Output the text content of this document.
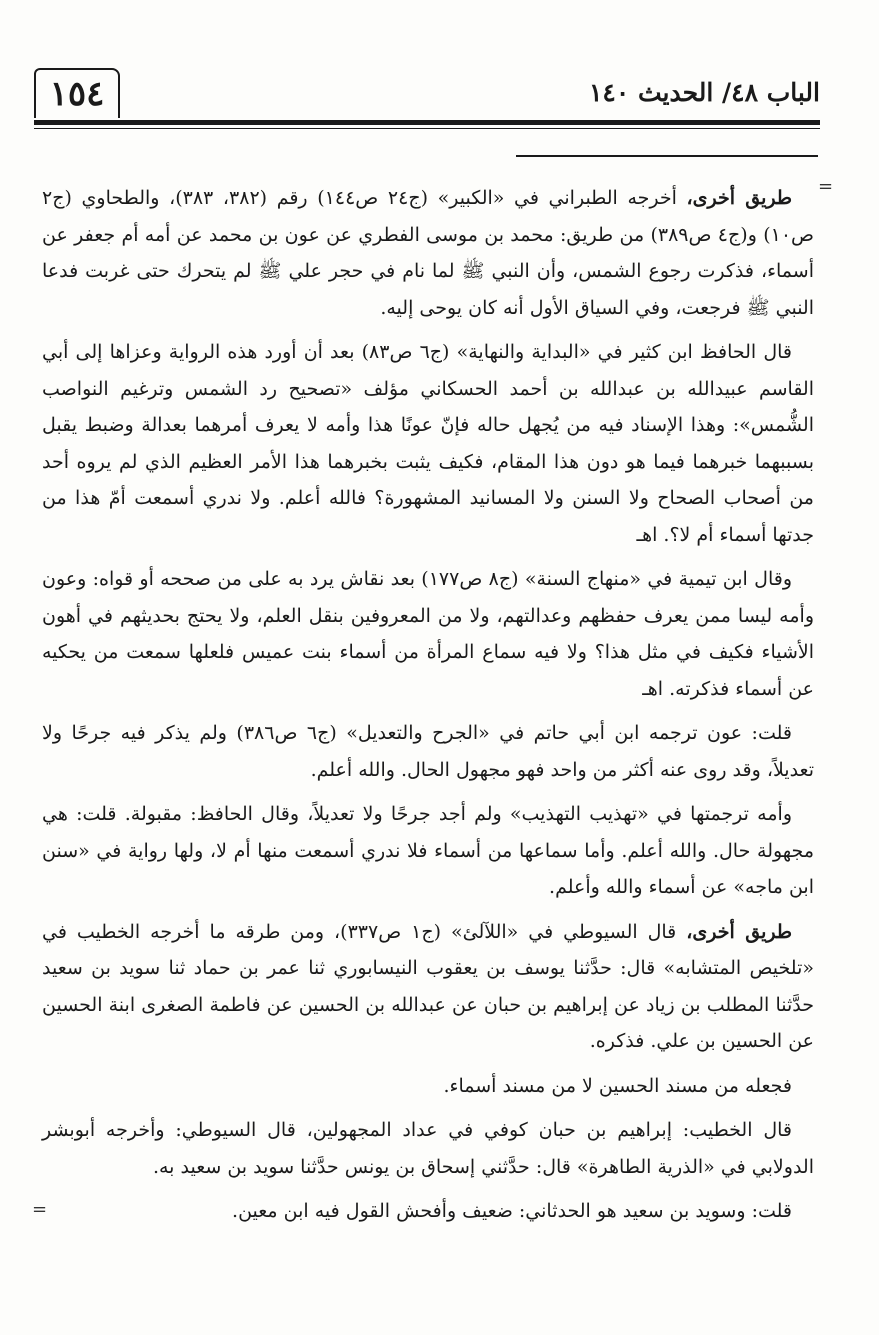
١٥٤	الباب ٤٨/ الحديث ١٤٠
=
=

طريق أخرى، أخرجه الطبراني في «الكبير» (ج٢٤ ص١٤٤) رقم (٣٨٢، ٣٨٣)، والطحاوي (ج٢ ص١٠) و(ج٤ ص٣٨٩) من طريق: محمد بن موسى الفطري عن عون بن محمد عن أمه أم جعفر عن أسماء، فذكرت رجوع الشمس، وأن النبي ﷺ لما نام في حجر علي ﷺ لم يتحرك حتى غربت فدعا النبي ﷺ فرجعت، وفي السياق الأول أنه كان يوحى إليه.

قال الحافظ ابن كثير في «البداية والنهاية» (ج٦ ص٨٣) بعد أن أورد هذه الرواية وعزاها إلى أبي القاسم عبيدالله بن عبدالله بن أحمد الحسكاني مؤلف «تصحيح رد الشمس وترغيم النواصب الشُّمس»: وهذا الإسناد فيه من يُجهل حاله فإنّ عونًا هذا وأمه لا يعرف أمرهما بعدالة وضبط يقبل بسببهما خبرهما فيما هو دون هذا المقام، فكيف يثبت بخبرهما هذا الأمر العظيم الذي لم يروه أحد من أصحاب الصحاح ولا السنن ولا المسانيد المشهورة؟ فالله أعلم. ولا ندري أسمعت أمّ هذا من جدتها أسماء أم لا؟. اهـ

وقال ابن تيمية في «منهاج السنة» (ج٨ ص١٧٧) بعد نقاش يرد به على من صححه أو قواه: وعون وأمه ليسا ممن يعرف حفظهم وعدالتهم، ولا من المعروفين بنقل العلم، ولا يحتج بحديثهم في أهون الأشياء فكيف في مثل هذا؟ ولا فيه سماع المرأة من أسماء بنت عميس فلعلها سمعت من يحكيه عن أسماء فذكرته. اهـ

قلت: عون ترجمه ابن أبي حاتم في «الجرح والتعديل» (ج٦ ص٣٨٦) ولم يذكر فيه جرحًا ولا تعديلاً، وقد روى عنه أكثر من واحد فهو مجهول الحال. والله أعلم.

وأمه ترجمتها في «تهذيب التهذيب» ولم أجد جرحًا ولا تعديلاً، وقال الحافظ: مقبولة. قلت: هي مجهولة حال. والله أعلم. وأما سماعها من أسماء فلا ندري أسمعت منها أم لا، ولها رواية في «سنن ابن ماجه» عن أسماء والله وأعلم.

طريق أخرى، قال السيوطي في «اللآلئ» (ج١ ص٣٣٧)، ومن طرقه ما أخرجه الخطيب في «تلخيص المتشابه» قال: حدَّثنا يوسف بن يعقوب النيسابوري ثنا عمر بن حماد ثنا سويد بن سعيد حدَّثنا المطلب بن زياد عن إبراهيم بن حبان عن عبدالله بن الحسين عن فاطمة الصغرى ابنة الحسين عن الحسين بن علي. فذكره.

فجعله من مسند الحسين لا من مسند أسماء.

قال الخطيب: إبراهيم بن حبان كوفي في عداد المجهولين، قال السيوطي: وأخرجه أبوبشر الدولابي في «الذرية الطاهرة» قال: حدَّثني إسحاق بن يونس حدَّثنا سويد بن سعيد به.

قلت: وسويد بن سعيد هو الحدثاني: ضعيف وأفحش القول فيه ابن معين.
